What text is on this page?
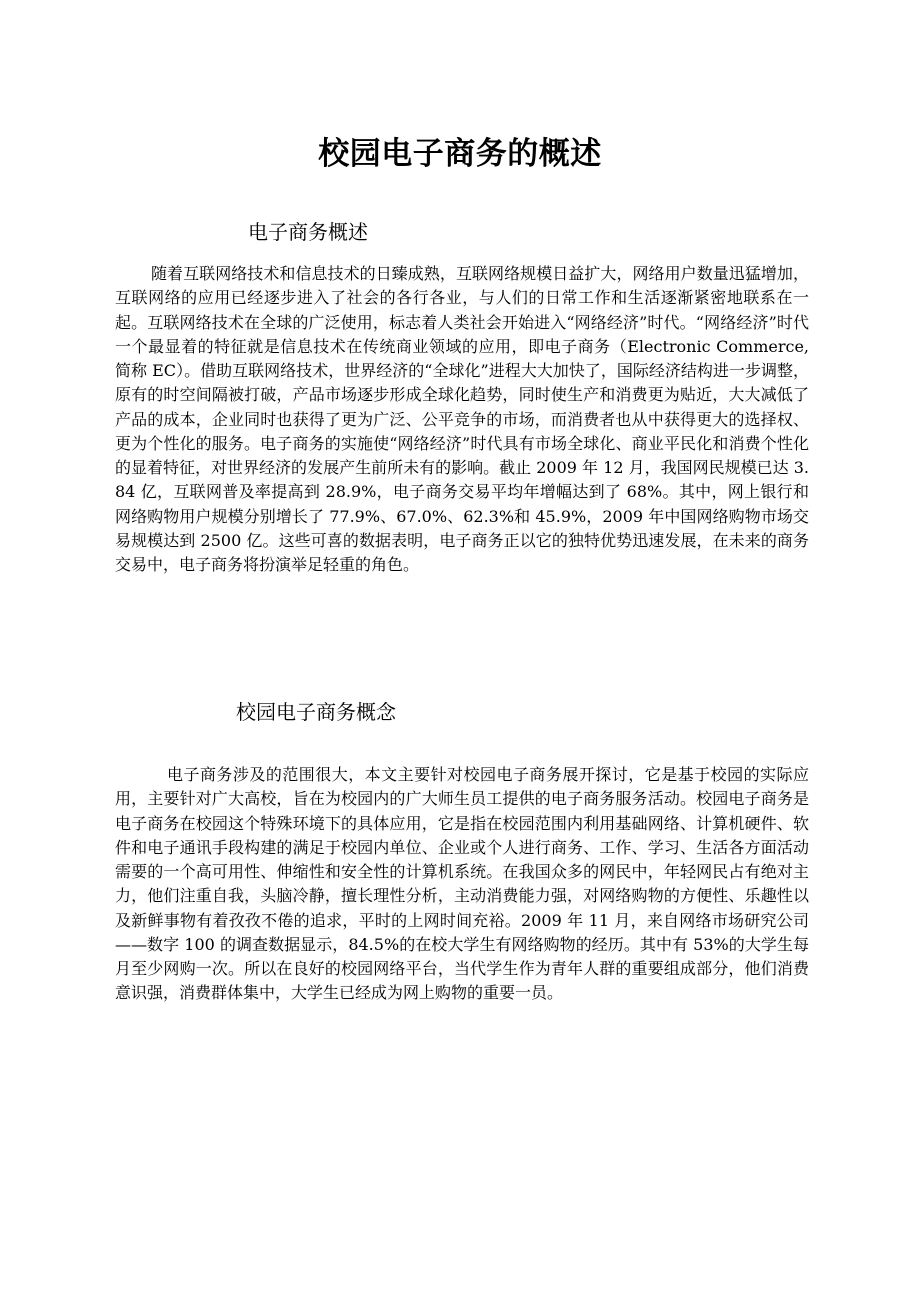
校园电子商务的概述
电子商务概述

随着互联网络技术和信息技术的日臻成熟，互联网络规模日益扩大，网络用户数量迅猛增加，互联网络的应用已经逐步进入了社会的各行各业，与人们的日常工作和生活逐渐紧密地联系在一起。互联网络技术在全球的广泛使用，标志着人类社会开始进入“网络经济”时代。“网络经济”时代一个最显着的特征就是信息技术在传统商业领域的应用，即电子商务（Electronic Commerce, 简称 EC）。借助互联网络技术，世界经济的“全球化”进程大大加快了，国际经济结构进一步调整，原有的时空间隔被打破，产品市场逐步形成全球化趋势，同时使生产和消费更为贴近，大大减低了产品的成本，企业同时也获得了更为广泛、公平竞争的市场，而消费者也从中获得更大的选择权、更为个性化的服务。电子商务的实施使“网络经济”时代具有市场全球化、商业平民化和消费个性化的显着特征，对世界经济的发展产生前所未有的影响。截止 2009 年 12 月，我国网民规模已达 3.84 亿，互联网普及率提高到 28.9%，电子商务交易平均年增幅达到了 68%。其中，网上银行和网络购物用户规模分别增长了 77.9%、67.0%、62.3%和 45.9%，2009 年中国网络购物市场交易规模达到 2500 亿。这些可喜的数据表明，电子商务正以它的独特优势迅速发展，在未来的商务交易中，电子商务将扮演举足轻重的角色。

校园电子商务概念

电子商务涉及的范围很大，本文主要针对校园电子商务展开探讨，它是基于校园的实际应用，主要针对广大高校，旨在为校园内的广大师生员工提供的电子商务服务活动。校园电子商务是电子商务在校园这个特殊环境下的具体应用，它是指在校园范围内利用基础网络、计算机硬件、软件和电子通讯手段构建的满足于校园内单位、企业或个人进行商务、工作、学习、生活各方面活动需要的一个高可用性、伸缩性和安全性的计算机系统。在我国众多的网民中，年轻网民占有绝对主力，他们注重自我，头脑冷静，擅长理性分析，主动消费能力强，对网络购物的方便性、乐趣性以及新鲜事物有着孜孜不倦的追求，平时的上网时间充裕。2009 年 11 月，来自网络市场研究公司——数字 100 的调查数据显示，84.5%的在校大学生有网络购物的经历。其中有 53%的大学生每月至少网购一次。所以在良好的校园网络平台，当代学生作为青年人群的重要组成部分，他们消费意识强，消费群体集中，大学生已经成为网上购物的重要一员。
